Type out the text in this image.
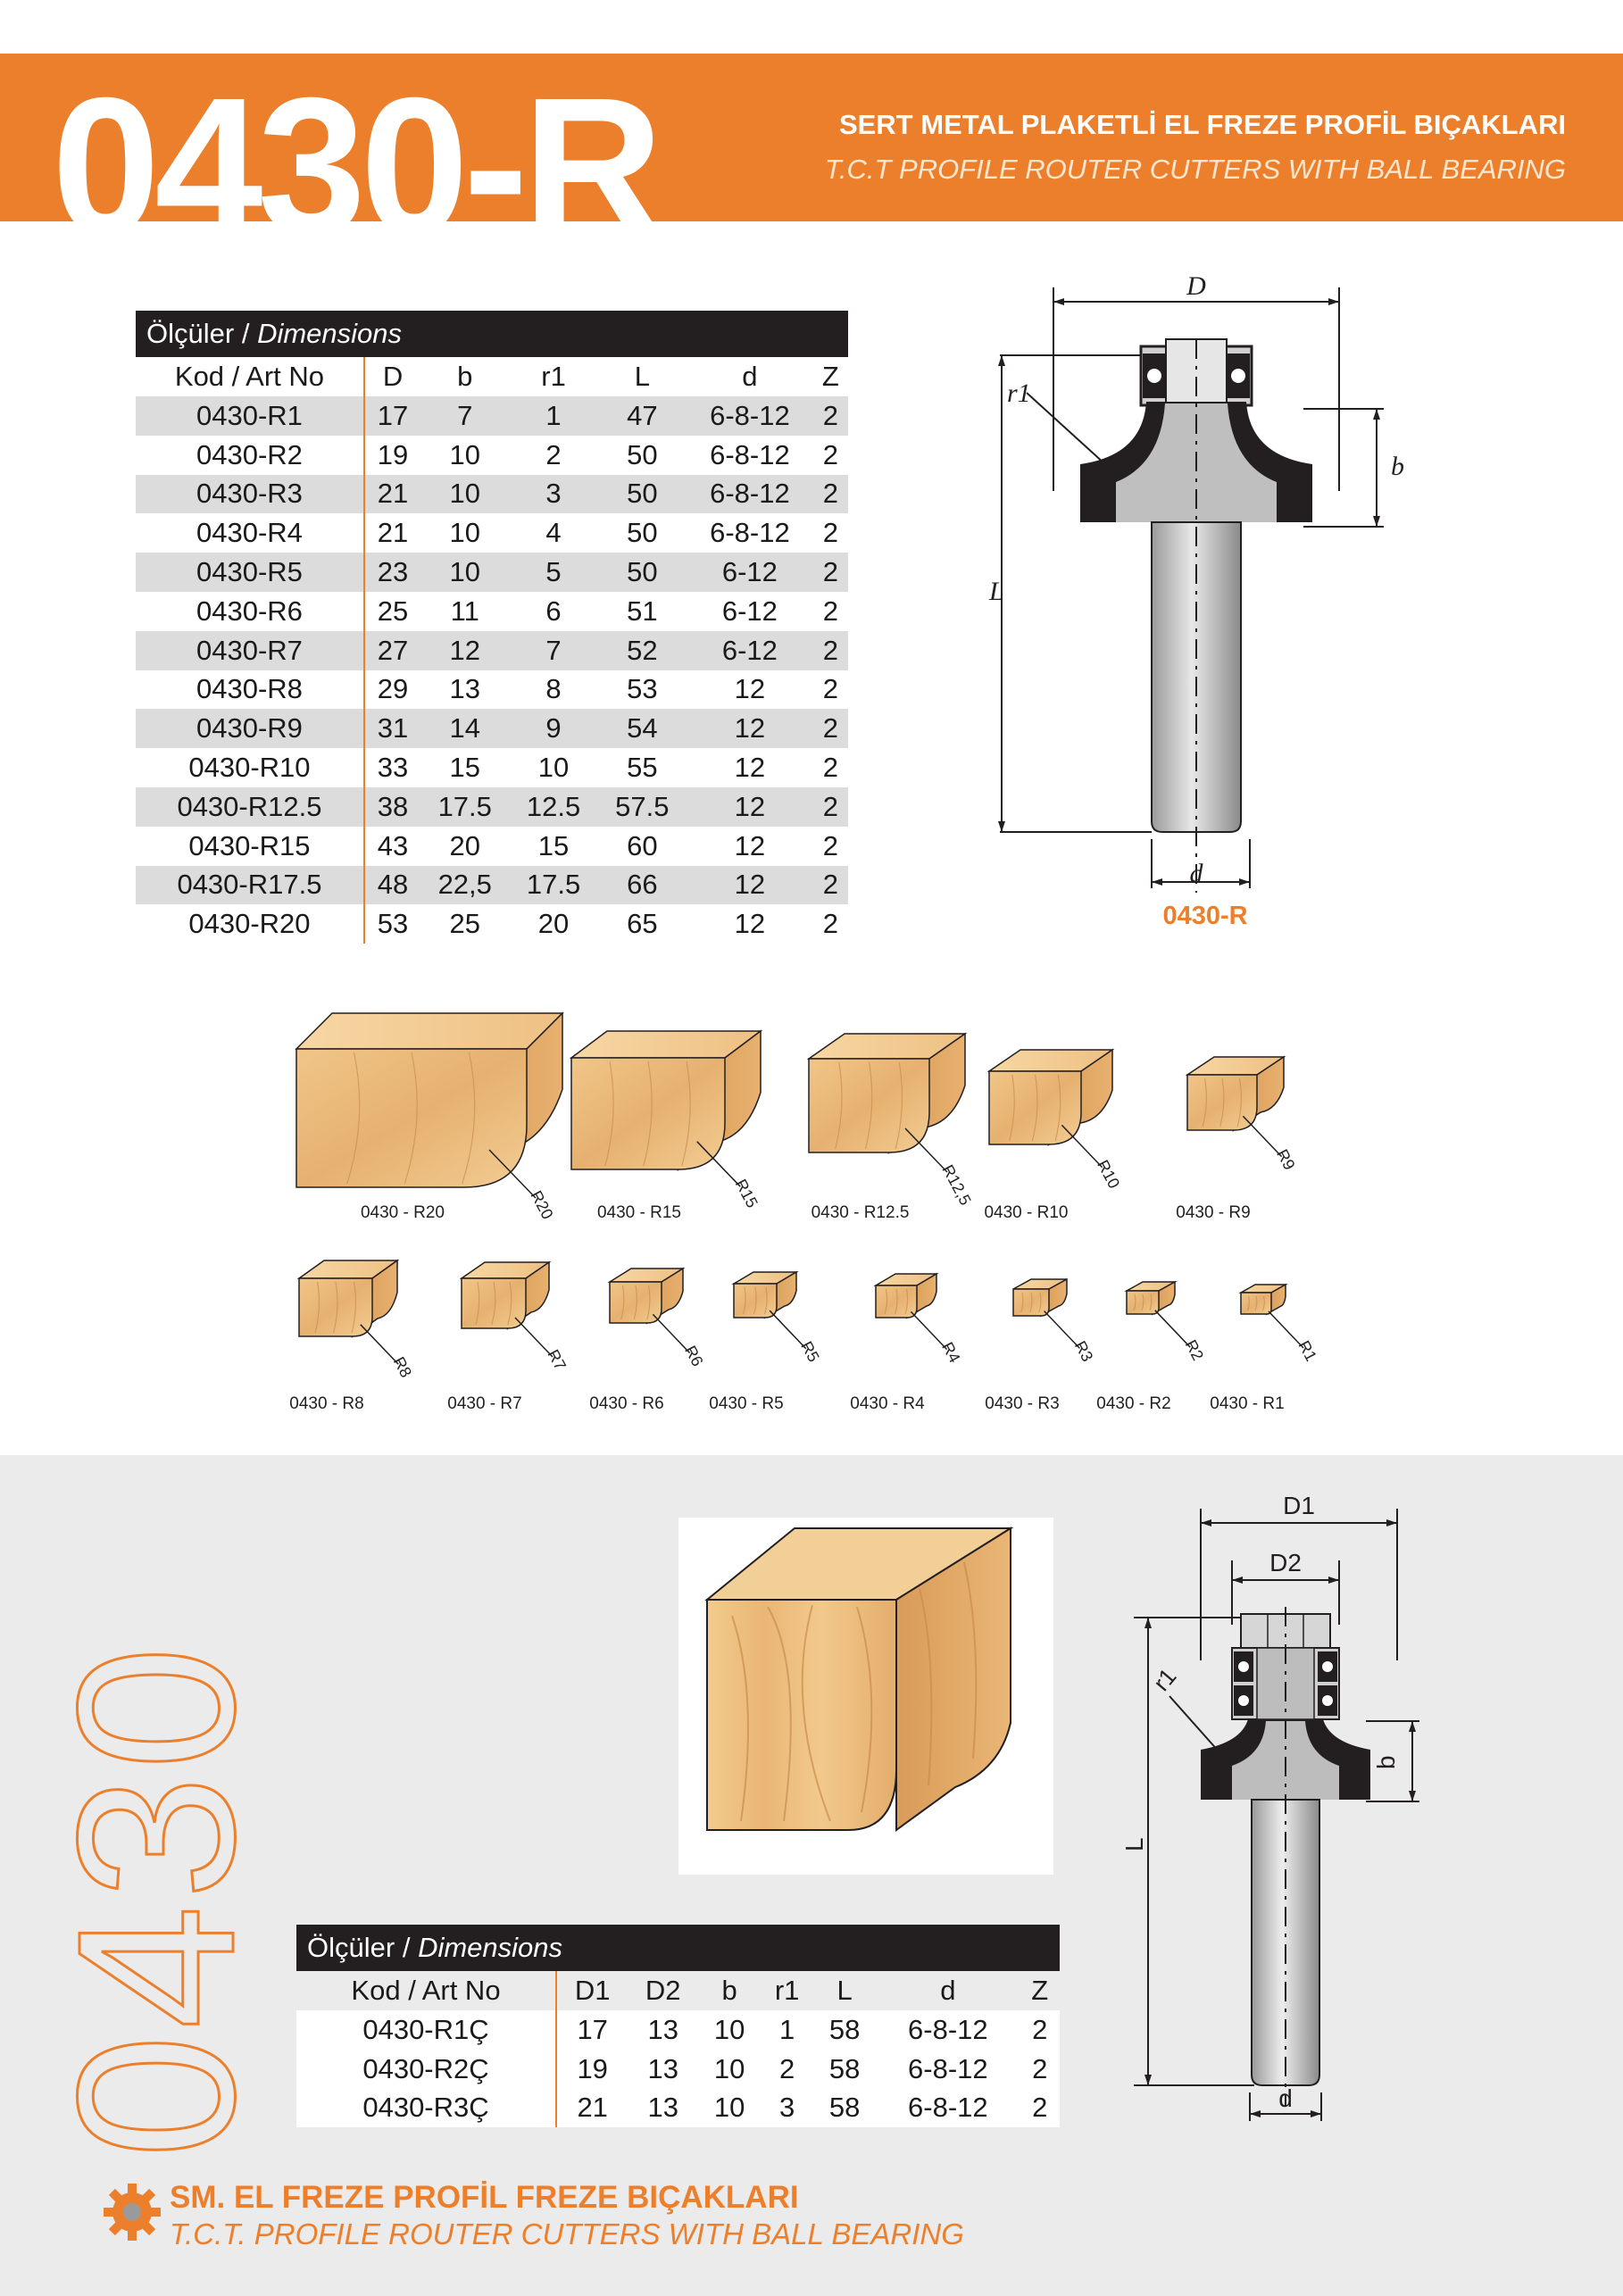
0430-R	SERT METAL PLAKETLİ EL FREZE PROFİL BIÇAKLARI
T.C.T PROFILE ROUTER CUTTERS WITH BALL BEARING
Ölçüler / Dimensions						
Kod / Art No	D	b	r1	L	d	Z
0430-R1	17	7	1	47	6-8-12	2
0430-R2	19	10	2	50	6-8-12	2
0430-R3	21	10	3	50	6-8-12	2
0430-R4	21	10	4	50	6-8-12	2
0430-R5	23	10	5	50	6-12	2
0430-R6	25	11	6	51	6-12	2
0430-R7	27	12	7	52	6-12	2
0430-R8	29	13	8	53	12	2
0430-R9	31	14	9	54	12	2
0430-R10	33	15	10	55	12	2
0430-R12.5	38	17.5	12.5	57.5	12	2
0430-R15	43	20	15	60	12	2
0430-R17.5	48	22,5	17.5	66	12	2
0430-R20	53	25	20	65	12	2
D
r1
b
L
d
0430-R
R20
0430 - R20
R15
0430 - R15
R12,5
0430 - R12.5
R10
0430 - R10
R9
0430 - R9
R8
0430 - R8
R7
0430 - R7
R6
0430 - R6
R5
0430 - R5
R4
0430 - R4
R3
0430 - R3
R2
0430 - R2
R1
0430 - R1
0430
D1
D2
r1
b
L
d
Ölçüler / Dimensions							
Kod / Art No	D1	D2	b	r1	L	d	Z
0430-R1Ç	17	13	10	1	58	6-8-12	2
0430-R2Ç	19	13	10	2	58	6-8-12	2
0430-R3Ç	21	13	10	3	58	6-8-12	2
SM. EL FREZE PROFİL FREZE BIÇAKLARI
T.C.T. PROFILE ROUTER CUTTERS WITH BALL BEARING
